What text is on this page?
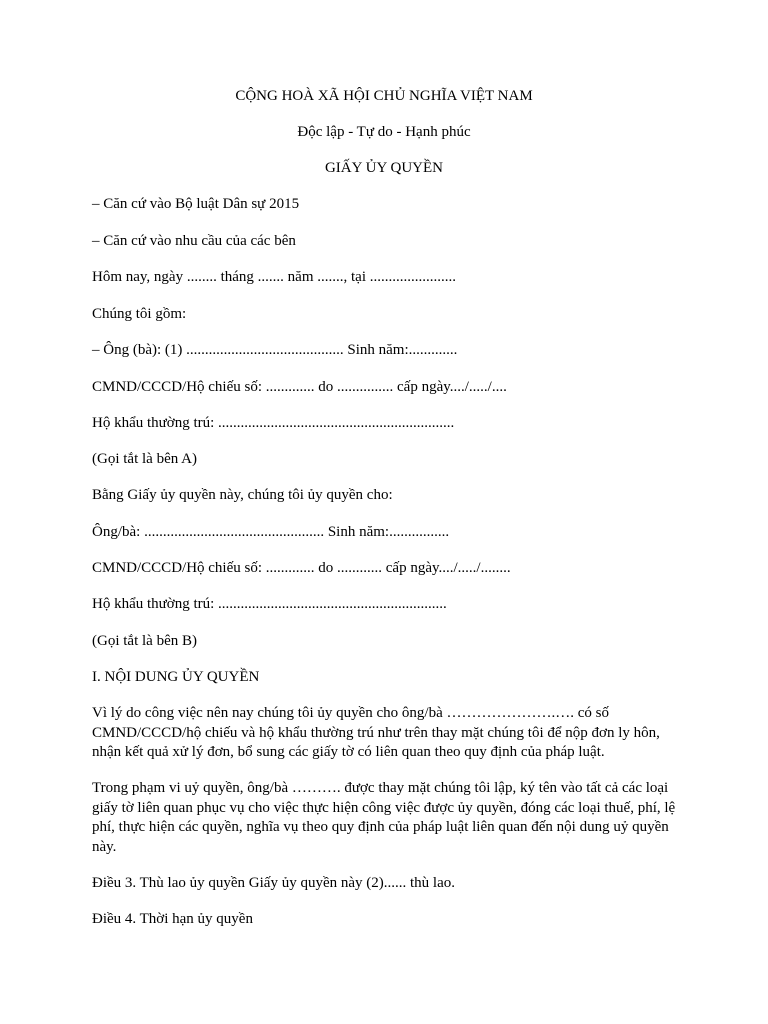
CỘNG HOÀ XÃ HỘI CHỦ NGHĨA VIỆT NAM
Độc lập - Tự do - Hạnh phúc
GIẤY ỦY QUYỀN
– Căn cứ vào Bộ luật Dân sự 2015
– Căn cứ vào nhu cầu của các bên
Hôm nay, ngày ........ tháng ....... năm ......., tại .......................
Chúng tôi gồm:
– Ông (bà): (1) .......................................... Sinh năm:.............
CMND/CCCD/Hộ chiếu số: ............. do ............... cấp ngày..../...../....
Hộ khẩu thường trú: ...............................................................
(Gọi tắt là bên A)
Bằng Giấy ủy quyền này, chúng tôi ủy quyền cho:
Ông/bà: ................................................ Sinh năm:................
CMND/CCCD/Hộ chiếu số: ............. do ............ cấp ngày..../...../........
Hộ khẩu thường trú: .............................................................
(Gọi tắt là bên B)
I. NỘI DUNG ỦY QUYỀN
Vì lý do công việc nên nay chúng tôi ủy quyền cho ông/bà ………………….…. có số CMND/CCCD/hộ chiếu và hộ khẩu thường trú như trên thay mặt chúng tôi để nộp đơn ly hôn, nhận kết quả xử lý đơn, bổ sung các giấy tờ có liên quan theo quy định của pháp luật.
Trong phạm vi uỷ quyền, ông/bà ………. được thay mặt chúng tôi lập, ký tên vào tất cả các loại giấy tờ liên quan phục vụ cho việc thực hiện công việc được ủy quyền, đóng các loại thuế, phí, lệ phí, thực hiện các quyền, nghĩa vụ theo quy định của pháp luật liên quan đến nội dung uỷ quyền này.
Điều 3. Thù lao ủy quyền Giấy ủy quyền này (2)...... thù lao.
Điều 4. Thời hạn ủy quyền
